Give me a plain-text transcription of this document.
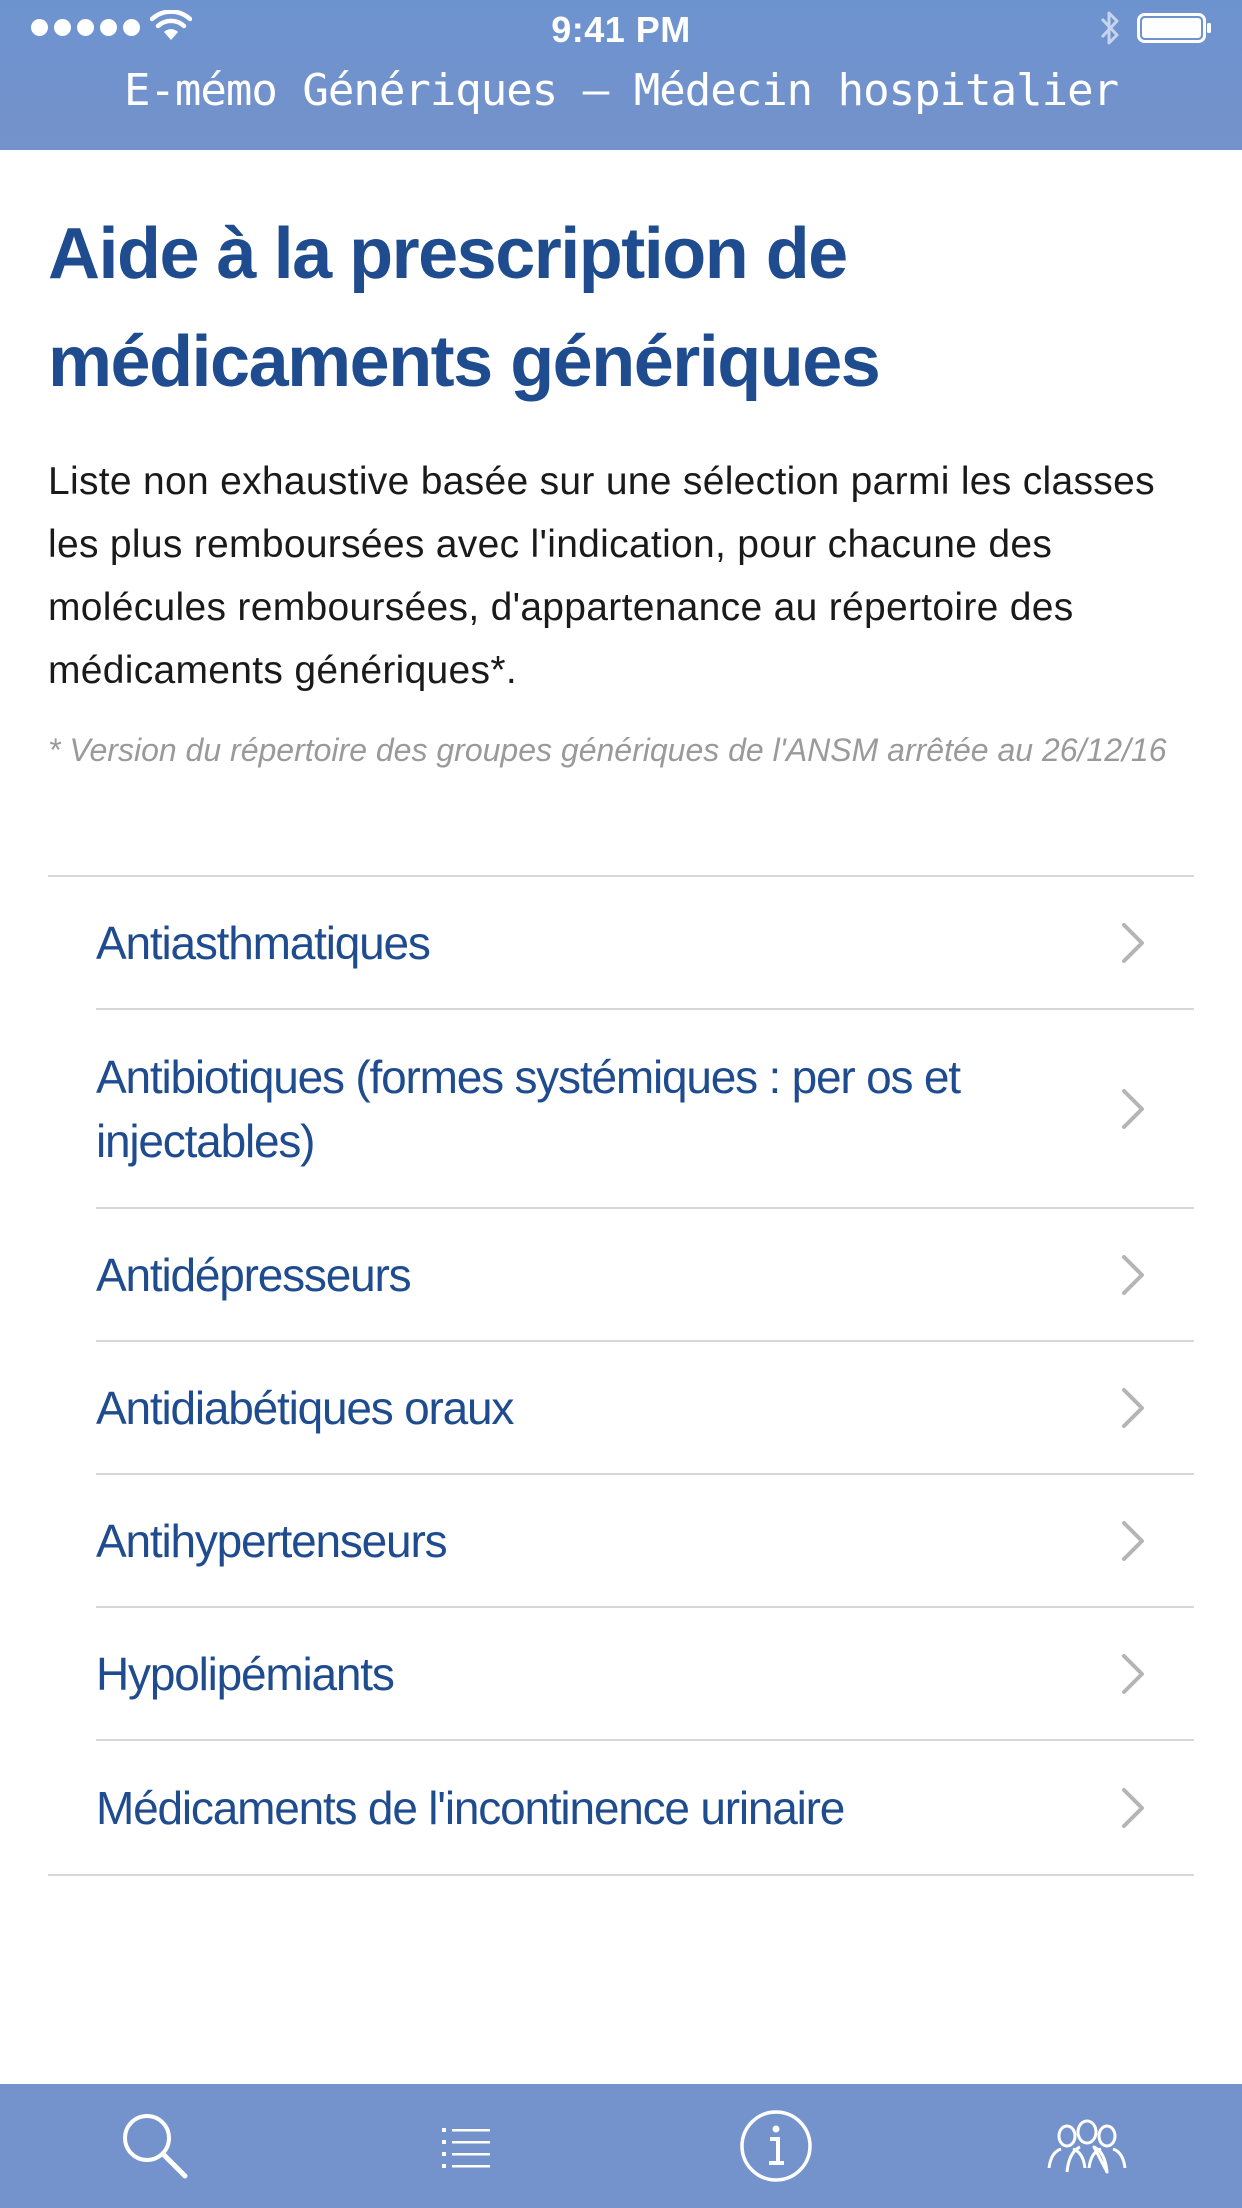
9:41 PM
E-mémo Génériques — Médecin hospitalier
Aide à la prescription de médicaments génériques

Liste non exhaustive basée sur une sélection parmi les classes les plus remboursées avec l'indication, pour chacune des molécules remboursées, d'appartenance au répertoire des médicaments génériques*.

* Version du répertoire des groupes génériques de l'ANSM arrêtée au 26/12/16

Antiasthmatiques
Antibiotiques (formes systémiques : per os et injectables)
Antidépresseurs
Antidiabétiques oraux
Antihypertenseurs
Hypolipémiants
Médicaments de l'incontinence urinaire
